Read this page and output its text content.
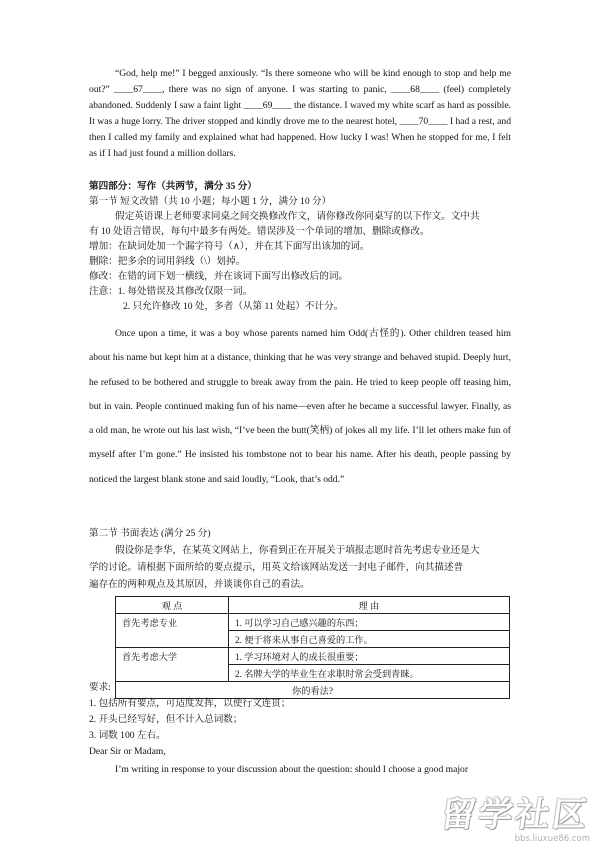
“God, help me!” I begged anxiously. “Is there someone who will be kind enough to stop and help me out?” ____67____, there was no sign of anyone. I was starting to panic, ____68____ (feel) completely abandoned. Suddenly I saw a faint light ____69____ the distance. I waved my white scarf as hard as possible. It was a huge lorry. The driver stopped and kindly drove me to the nearest hotel, ____70____ I had a rest, and then I called my family and explained what had happened. How lucky I was! When he stopped for me, I felt as if I had just found a million dollars.

第四部分：写作（共两节，满分 35 分）
第一节 短文改错（共 10 小题；每小题 1 分，满分 10 分）
假定英语课上老师要求同桌之间交换修改作文，请你修改你同桌写的以下作文。文中共
有 10 处语言错误，每句中最多有两处。错误涉及一个单词的增加、删除或修改。
增加：在缺词处加一个漏字符号（∧），并在其下面写出该加的词。
删除：把多余的词用斜线（\）划掉。
修改：在错的词下划一横线，并在该词下面写出修改后的词。
注意：1. 每处错误及其修改仅限一词。
2. 只允许修改 10 处，多者（从第 11 处起）不计分。

Once upon a time, it was a boy whose parents named him Odd(古怪的). Other children teased him about his name but kept him at a distance, thinking that he was very strange and behaved stupid. Deeply hurt, he refused to be bothered and struggle to break away from the pain. He tried to keep people off teasing him, but in vain. People continued making fun of his name—even after he became a successful lawyer. Finally, as a old man, he wrote out his last wish, “I’ve been the butt(笑柄) of jokes all my life. I’ll let others make fun of myself after I’m gone.” He insisted his tombstone not to bear his name. After his death, people passing by noticed the largest blank stone and said loudly, “Look, that’s odd.”

第二节 书面表达 (满分 25 分)
假设你是李华，在某英文网站上，你看到正在开展关于填报志愿时首先考虑专业还是大
学的讨论。请根据下面所给的要点提示，用英文给该网站发送一封电子邮件，向其描述普
遍存在的两种观点及其原因，并谈谈你自己的看法。
观 点	理 由
首先考虑专业	1. 可以学习自己感兴趣的东西；
	2. 便于将来从事自己喜爱的工作。
首先考虑大学	1. 学习环境对人的成长很重要；
	2. 名牌大学的毕业生在求职时常会受到青睐。
你的看法?	
要求:
1. 包括所有要点，可适度发挥，以使行文连贯；
2. 开头已经写好，但不计入总词数；
3. 词数 100 左右。
Dear Sir or Madam,
I’m writing in response to your discussion about the question: should I choose a good major
留学社区
bbs.liuxue86.com
